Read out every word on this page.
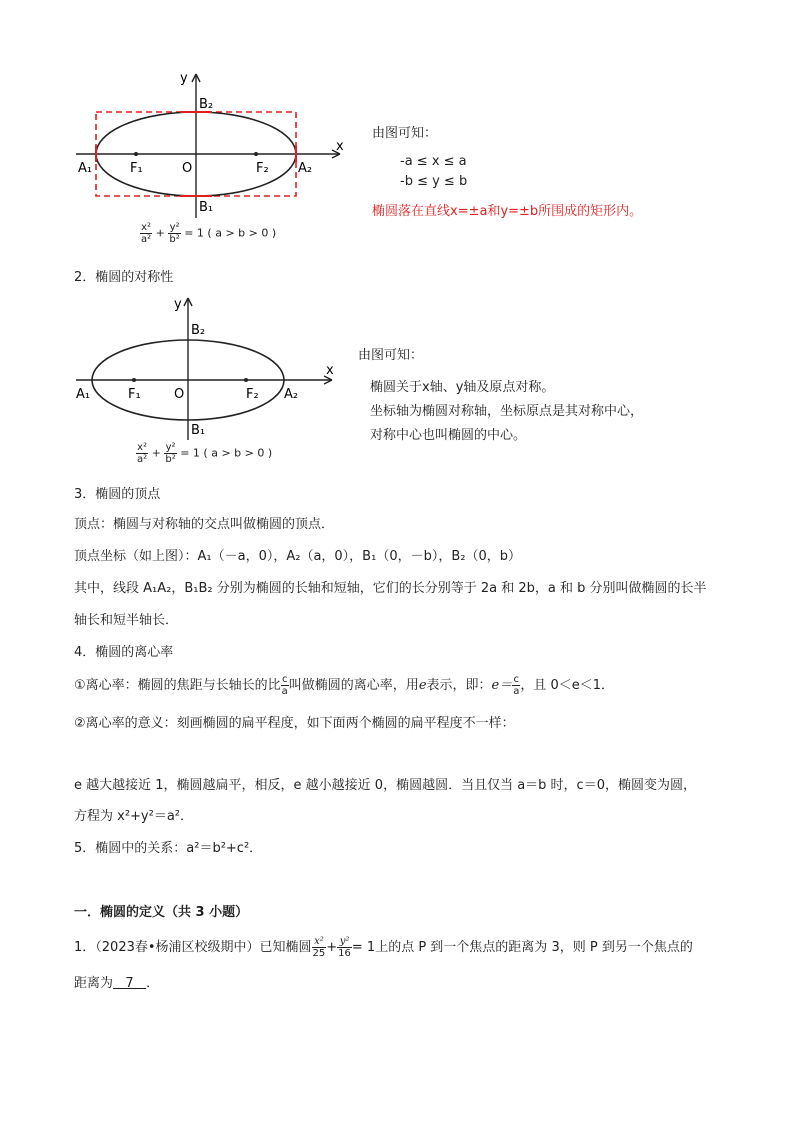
y
x
O
A₁	A₂
B₂
B₁
F₁	F₂
$\frac{\text{x²}}{\text{a²}} + \frac{\text{y²}}{\text{b²}} = 1$ ( a > b > 0 )
由图可知：
-a ≤ x ≤ a
-b ≤ y ≤ b
椭圆落在直线x=±a和y=±b所围成的矩形内。
2．椭圆的对称性
y
x
O
A₁	A₂
B₂
B₁
F₁	F₂
$\frac{\text{x²}}{\text{a²}} + \frac{\text{y²}}{\text{b²}} = 1$ ( a > b > 0 )
由图可知：
椭圆关于x轴、y轴及原点对称。
坐标轴为椭圆对称轴，坐标原点是其对称中心，
对称中心也叫椭圆的中心。
3．椭圆的顶点
顶点：椭圆与对称轴的交点叫做椭圆的顶点．
顶点坐标（如上图）：A₁（－a，0），A₂（a，0），B₁（0，－b），B₂（0，b）
其中，线段 A₁A₂，B₁B₂ 分别为椭圆的长轴和短轴，它们的长分别等于 2a 和 2b，a 和 b 分别叫做椭圆的长半
轴长和短半轴长．
4．椭圆的离心率
①离心率：椭圆的焦距与长轴长的比 $\frac{c}{a}$ 叫做椭圆的离心率，用e表示，即：$e= \frac{c}{a}$ ，且 0＜e＜1．
②离心率的意义：刻画椭圆的扁平程度，如下面两个椭圆的扁平程度不一样：
e 越大越接近 1，椭圆越扁平，相反，e 越小越接近 0，椭圆越圆．当且仅当 a＝b 时，c＝0，椭圆变为圆，
方程为 x²+y²＝a²．
5．椭圆中的关系：a²＝b²+c²．
一．椭圆的定义（共 3 小题）
1．（2023春•杨浦区校级期中）已知椭圆 $\frac{\text{x²}}{25} + \frac{\text{y²}}{16} = 1$上的点 P 到一个焦点的距离为 3，则 P 到另一个焦点的
距离为   7   ．
